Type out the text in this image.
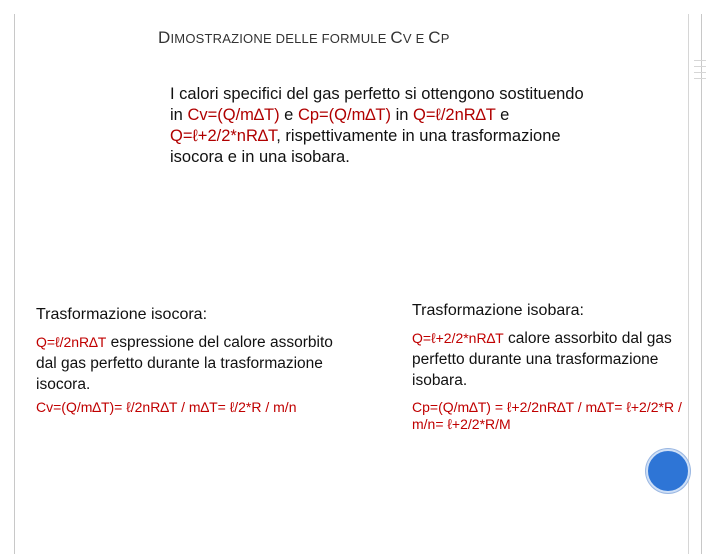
DIMOSTRAZIONE DELLE FORMULE CV E CP
I calori specifici del gas perfetto si ottengono sostituendo in Cv=(Q/m∆T) e Cp=(Q/m∆T) in Q=ℓ/2nR∆T e Q=ℓ+2/2*nR∆T, rispettivamente in una trasformazione isocora e in una isobara.
Trasformazione isocora:
Q=ℓ/2nR∆T espressione del calore assorbito dal gas perfetto durante la trasformazione isocora.
Cv=(Q/m∆T)= ℓ/2nR∆T / m∆T= ℓ/2*R / m/n
Trasformazione isobara:
Q=ℓ+2/2*nR∆T calore assorbito dal gas perfetto durante una trasformazione isobara.
Cp=(Q/m∆T) = ℓ+2/2nR∆T / m∆T= ℓ+2/2*R / m/n= ℓ+2/2*R/M
